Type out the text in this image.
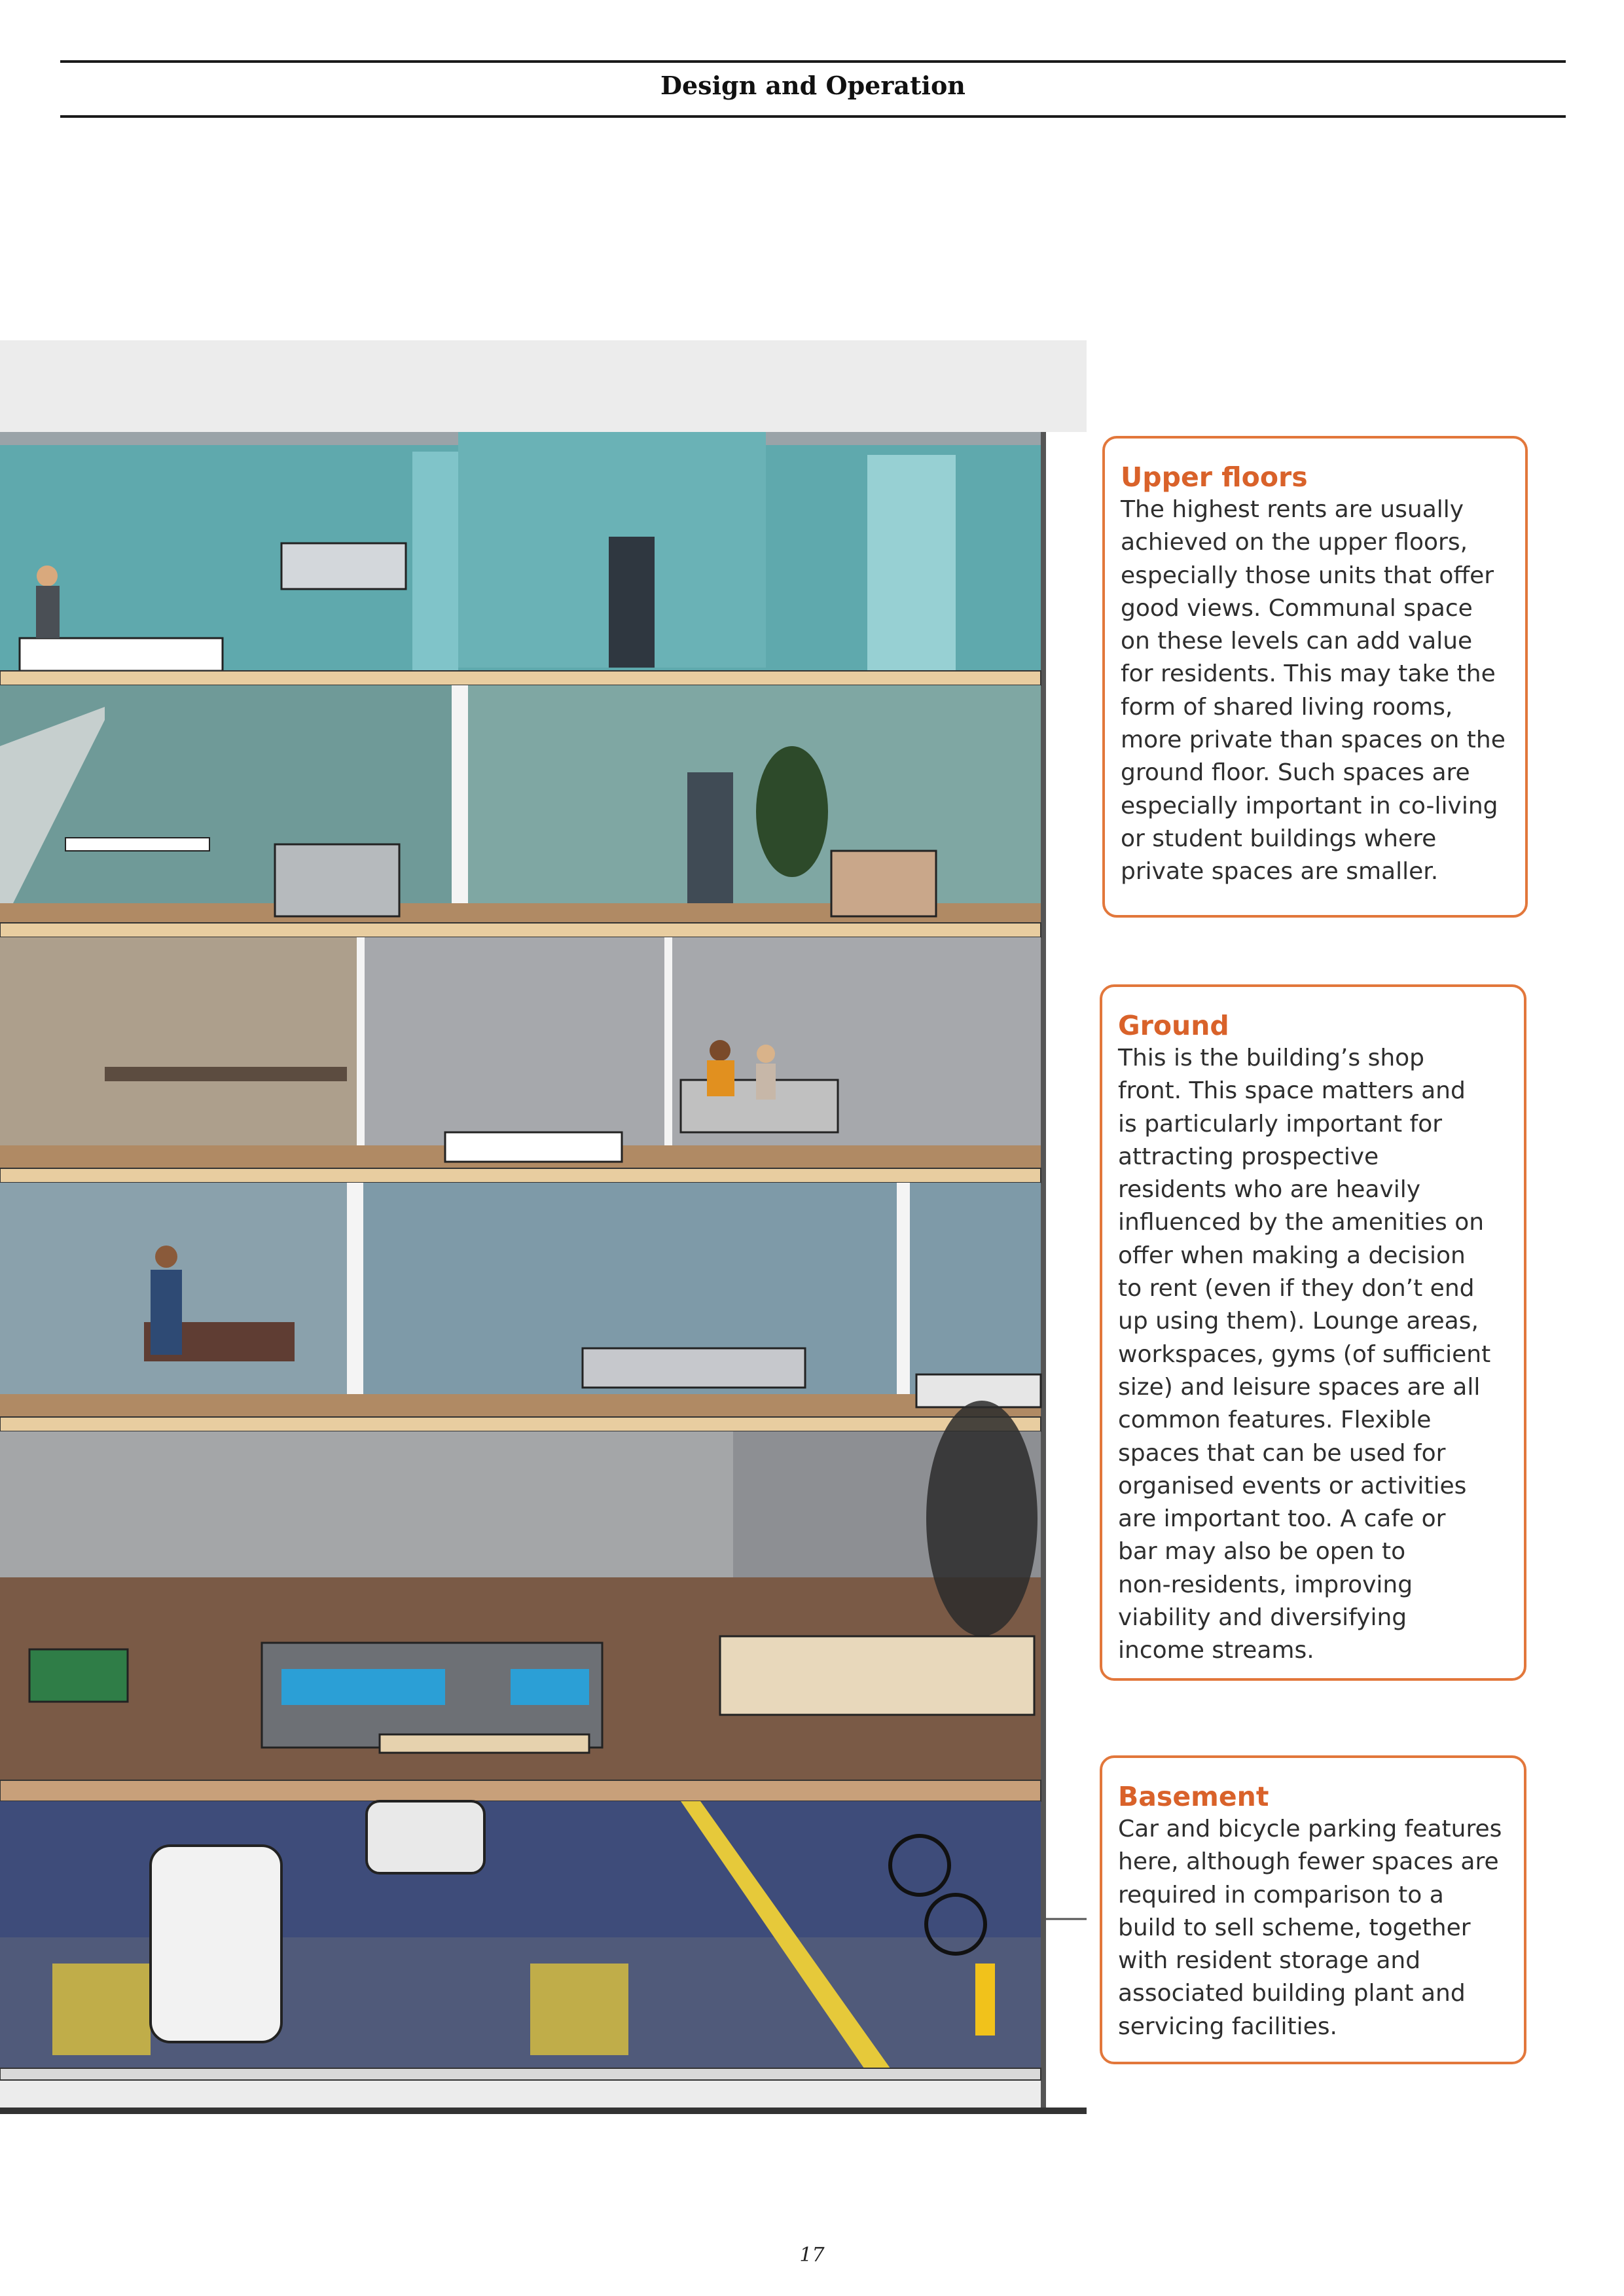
Design and Operation
Upper floors
The highest rents are usually
achieved on the upper floors,
especially those units that offer
good views. Communal space
on these levels can add value
for residents. This may take the
form of shared living rooms,
more private than spaces on the
ground floor. Such spaces are
especially important in co-living
or student buildings where
private spaces are smaller.
Ground
This is the building’s shop
front. This space matters and
is particularly important for
attracting prospective
residents who are heavily
influenced by the amenities on
offer when making a decision
to rent (even if they don’t end
up using them). Lounge areas,
workspaces, gyms (of sufficient
size) and leisure spaces are all
common features. Flexible
spaces that can be used for
organised events or activities
are important too. A cafe or
bar may also be open to
non-residents, improving
viability and diversifying
income streams.
Basement
Car and bicycle parking features
here, although fewer spaces are
required in comparison to a
build to sell scheme, together
with resident storage and
associated building plant and
servicing facilities.
17
